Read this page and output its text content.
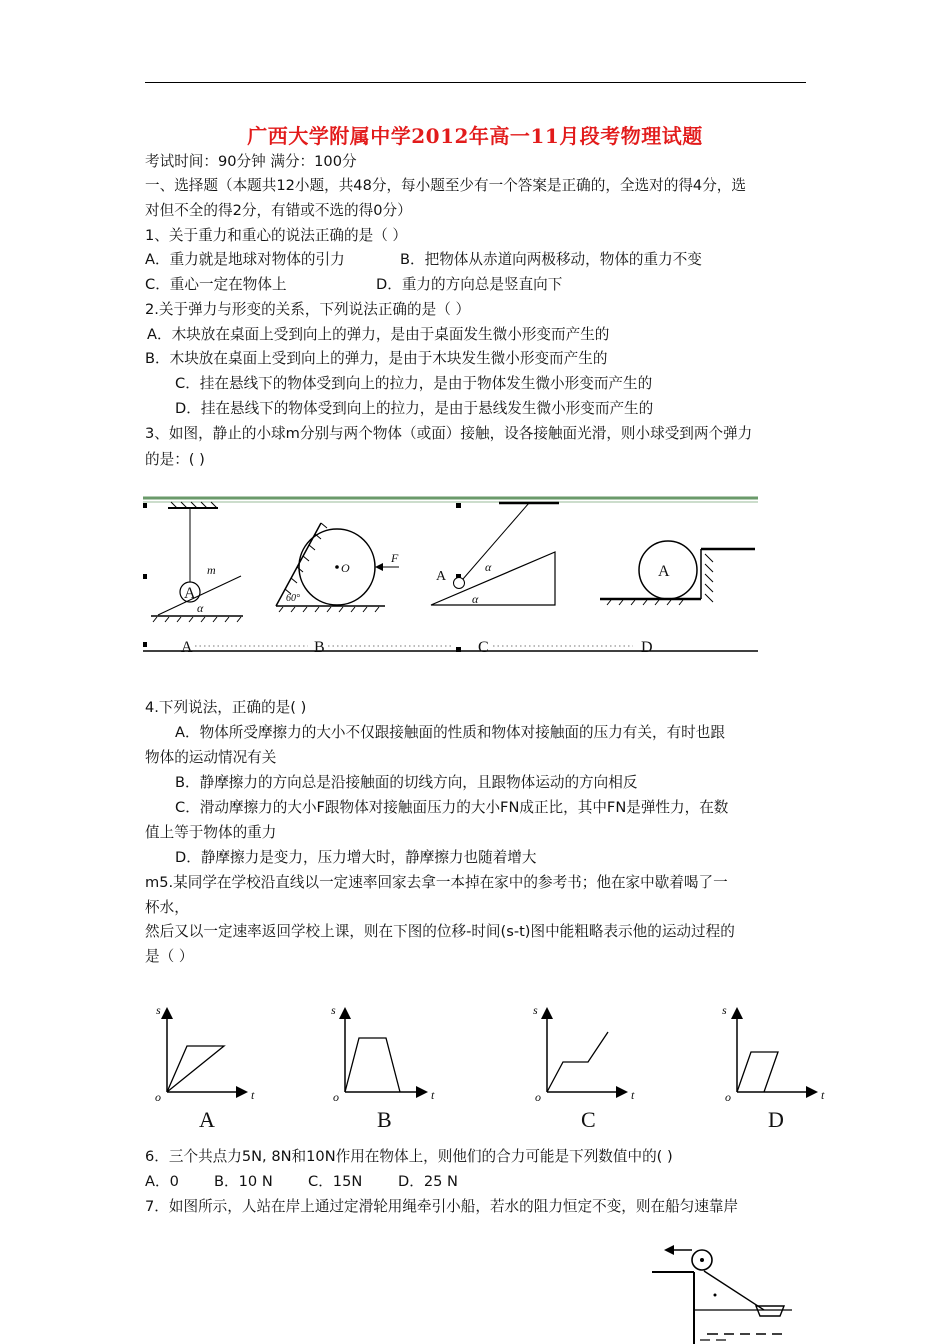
广西大学附属中学2012年高一11月段考物理试题
考试时间：90分钟 满分：100分
一、选择题（本题共12小题，共48分，每小题至少有一个答案是正确的，全选对的得4分，选
对但不全的得2分，有错或不选的得0分）
1、关于重力和重心的说法正确的是（ ）
A．重力就是地球对物体的引力	B．把物体从赤道向两极移动，物体的重力不变
C．重心一定在物体上	D．重力的方向总是竖直向下
2.关于弹力与形变的关系，下列说法正确的是（ ）
A．木块放在桌面上受到向上的弹力，是由于桌面发生微小形变而产生的
B．木块放在桌面上受到向上的弹力，是由于木块发生微小形变而产生的
C．挂在悬线下的物体受到向上的拉力，是由于物体发生微小形变而产生的
D．挂在悬线下的物体受到向上的拉力，是由于悬线发生微小形变而产生的
3、如图，静止的小球m分别与两个物体（或面）接触，设各接触面光滑，则小球受到两个弹力
的是：( )
A
m
α
A
O
F
60°
B
A
α
α
C
A
D
4.下列说法，正确的是( )
A．物体所受摩擦力的大小不仅跟接触面的性质和物体对接触面的压力有关，有时也跟
物体的运动情况有关
B．静摩擦力的方向总是沿接触面的切线方向，且跟物体运动的方向相反
C．滑动摩擦力的大小F跟物体对接触面压力的大小FN成正比，其中FN是弹性力，在数
值上等于物体的重力
D．静摩擦力是变力，压力增大时，静摩擦力也随着增大
m5.某同学在学校沿直线以一定速率回家去拿一本掉在家中的参考书；他在家中歇着喝了一
杯水，
然后又以一定速率返回学校上课，则在下图的位移-时间(s-t)图中能粗略表示他的运动过程的
是（ ）
s
t
o
A
s
t
o
B
s
t
o
C
s
t
o
D
6．三个共点力5N, 8N和10N作用在物体上，则他们的合力可能是下列数值中的( )
A．0 B．10 N C．15N D．25 N
7．如图所示，人站在岸上通过定滑轮用绳牵引小船，若水的阻力恒定不变，则在船匀速靠岸
